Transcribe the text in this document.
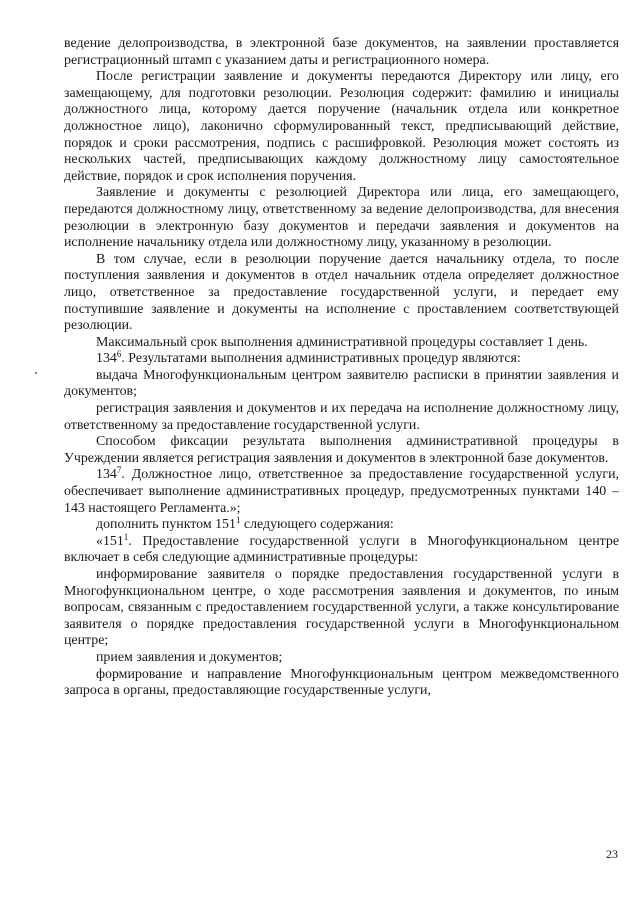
ведение делопроизводства, в электронной базе документов, на заявлении проставляется регистрационный штамп с указанием даты и регистрационного номера.

После регистрации заявление и документы передаются Директору или лицу, его замещающему, для подготовки резолюции. Резолюция содержит: фамилию и инициалы должностного лица, которому дается поручение (начальник отдела или конкретное должностное лицо), лаконично сформулированный текст, предписывающий действие, порядок и сроки рассмотрения, подпись с расшифровкой. Резолюция может состоять из нескольких частей, предписывающих каждому должностному лицу самостоятельное действие, порядок и срок исполнения поручения.

Заявление и документы с резолюцией Директора или лица, его замещающего, передаются должностному лицу, ответственному за ведение делопроизводства, для внесения резолюции в электронную базу документов и передачи заявления и документов на исполнение начальнику отдела или должностному лицу, указанному в резолюции.

В том случае, если в резолюции поручение дается начальнику отдела, то после поступления заявления и документов в отдел начальник отдела определяет должностное лицо, ответственное за предоставление государственной услуги, и передает ему поступившие заявление и документы на исполнение с проставлением соответствующей резолюции.

Максимальный срок выполнения административной процедуры составляет 1 день.

$134^6$. Результатами выполнения административных процедур являются:

выдача Многофункциональным центром заявителю расписки в принятии заявления и документов;

регистрация заявления и документов и их передача на исполнение должностному лицу, ответственному за предоставление государственной услуги.

Способом фиксации результата выполнения административной процедуры в Учреждении является регистрация заявления и документов в электронной базе документов.

$134^7$. Должностное лицо, ответственное за предоставление государственной услуги, обеспечивает выполнение административных процедур, предусмотренных пунктами 140 – 143 настоящего Регламента.»;

дополнить пунктом $151^1$ следующего содержания:

«$151^1$. Предоставление государственной услуги в Многофункциональном центре включает в себя следующие административные процедуры:

информирование заявителя о порядке предоставления государственной услуги в Многофункциональном центре, о ходе рассмотрения заявления и документов, по иным вопросам, связанным с предоставлением государственной услуги, а также консультирование заявителя о порядке предоставления государственной услуги в Многофункциональном центре;

прием заявления и документов;

формирование и направление Многофункциональным центром межведомственного запроса в органы, предоставляющие государственные услуги,

23
